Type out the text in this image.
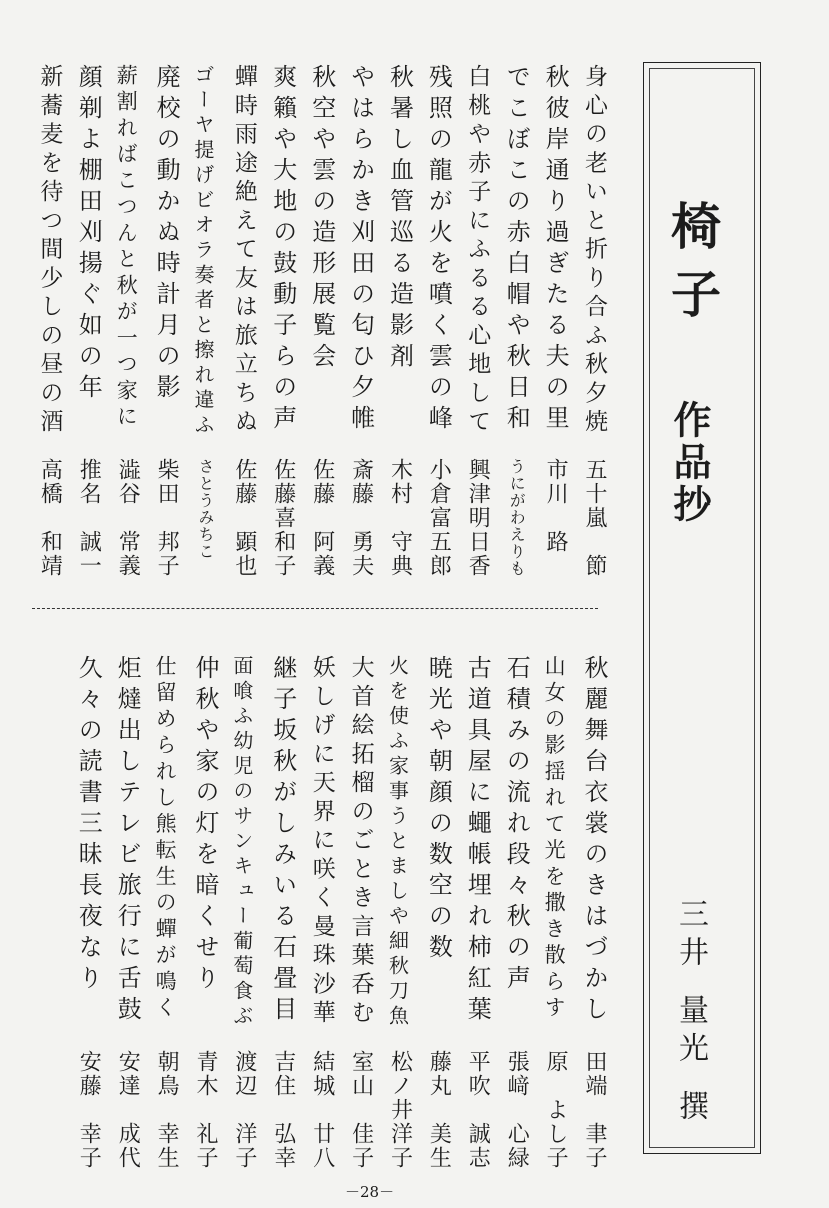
椅子
作品抄
三井量光撰
身心の老いと折り合ふ秋夕焼
五十嵐　節
秋彼岸通り過ぎたる夫の里
市川　路
でこぼこの赤白帽や秋日和
うにがわえりも
白桃や赤子にふるる心地して
興津明日香
残照の龍が火を噴く雲の峰
小倉富五郎
秋暑し血管巡る造影剤
木村　守典
やはらかき刈田の匂ひ夕帷
斎藤　勇夫
秋空や雲の造形展覧会
佐藤　阿義
爽籟や大地の鼓動子らの声
佐藤喜和子
蟬時雨途絶えて友は旅立ちぬ
佐藤　顕也
ゴーヤ提げビオラ奏者と擦れ違ふ
さとうみちこ
廃校の動かぬ時計月の影
柴田　邦子
薪割ればこつんと秋が一つ家に
澁谷　常義
顔剃よ棚田刈揚ぐ如の年
推名　誠一
新蕎麦を待つ間少しの昼の酒
高橋　和靖
秋麗舞台衣裳のきはづかし
田端　聿子
山女の影揺れて光を撒き散らす
原　よし子
石積みの流れ段々秋の声
張﨑　心緑
古道具屋に蠅帳埋れ柿紅葉
平吹　誠志
暁光や朝顔の数空の数
藤丸　美生
火を使ふ家事うとましや細秋刀魚
松ノ井洋子
大首絵拓榴のごとき言葉呑む
室山　佳子
妖しげに天界に咲く曼珠沙華
結城　廿八
継子坂秋がしみいる石畳目
吉住　弘幸
面喰ふ幼児のサンキュー葡萄食ぶ
渡辺　洋子
仲秋や家の灯を暗くせり
青木　礼子
仕留められし熊転生の蟬が鳴く
朝鳥　幸生
炬燵出しテレビ旅行に舌鼓
安達　成代
久々の読書三昧長夜なり
安藤　幸子
－28－
